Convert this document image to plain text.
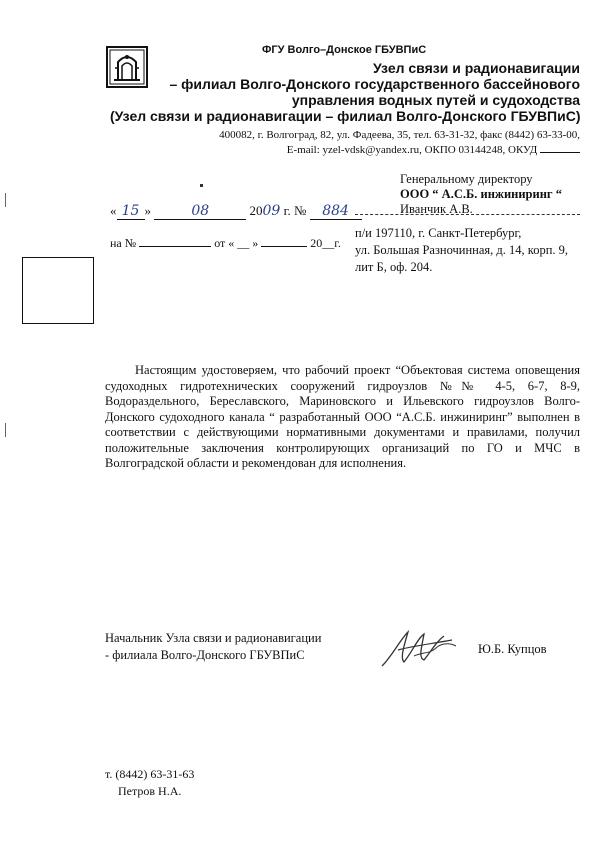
ФГУ Волго–Донское ГБУВПиС
Узел связи и радионавигации
– филиал Волго-Донского государственного бассейнового
управления водных путей и судоходства
(Узел связи и радионавигации – филиал Волго-Донского ГБУВПиС)
400082, г. Волгоград, 82, ул. Фадеева, 35, тел. 63-31-32, факс (8442) 63-33-00,
E-mail: yzel-vdsk@yandex.ru, ОКПО 03144248, ОКУД
Генеральному директору
ООО “ А.С.Б. инжиниринг “
Иванчик А.В.
п/и 197110, г. Санкт-Петербург,
ул. Большая Разночинная, д. 14, корп. 9,
лит Б, оф. 204.
« 15 »	08	2009 г. № 884
на №	от « __ »	20__г.

Настоящим удостоверяем, что рабочий проект “Объектовая система оповещения судоходных гидротехнических сооружений гидроузлов №№ 4-5, 6-7, 8-9, Водораздельного, Береславского, Мариновского и Ильевского гидроузлов Волго-Донского судоходного канала “ разработанный ООО “А.С.Б. инжиниринг” выполнен в соответствии с действующими нормативными документами и правилами, получил положительные заключения контролирующих организаций по ГО и МЧС в Волгоградской области и рекомендован для исполнения.

Начальник Узла связи и радионавигации
- филиала Волго-Донского ГБУВПиС	Ю.Б. Купцов
т. (8442) 63-31-63
Петров Н.А.
